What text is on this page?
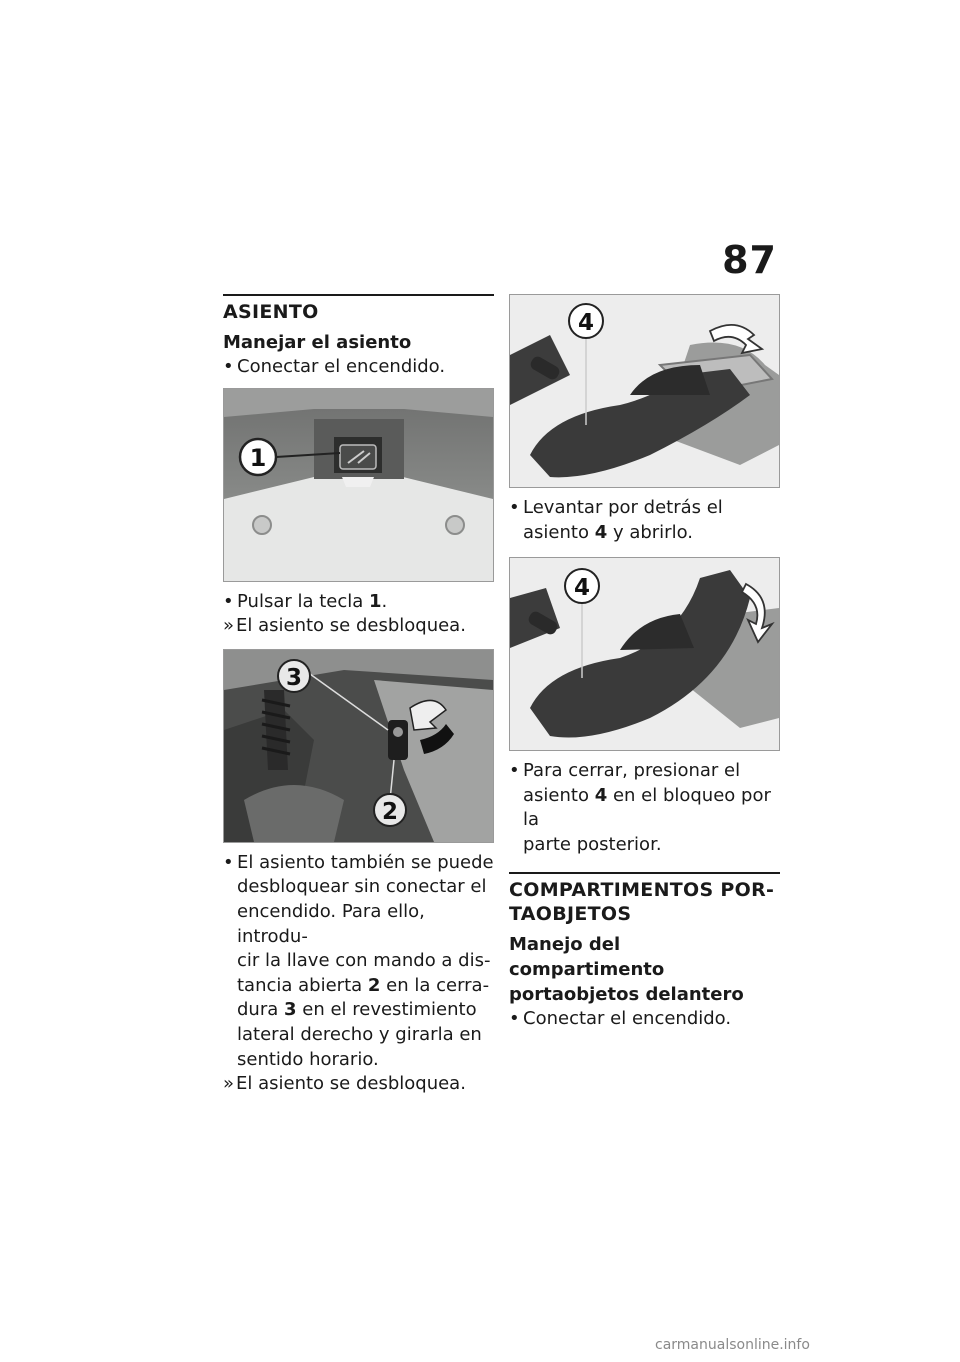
87
ASIENTO
Manejar el asiento
• Conectar el encendido.
1
• Pulsar la tecla 1.
» El asiento se desbloquea.
3
2
• El asiento también se puede
desbloquear sin conectar el
encendido. Para ello, introdu-
cir la llave con mando a dis-
tancia abierta 2 en la cerra-
dura 3 en el revestimiento
lateral derecho y girarla en
sentido horario.
» El asiento se desbloquea.
4
• Levantar por detrás el
asiento 4 y abrirlo.
4
• Para cerrar, presionar el
asiento 4 en el bloqueo por la
parte posterior.
COMPARTIMENTOS POR-
TAOBJETOS
Manejo del compartimento
portaobjetos delantero
• Conectar el encendido.
carmanualsonline.info
